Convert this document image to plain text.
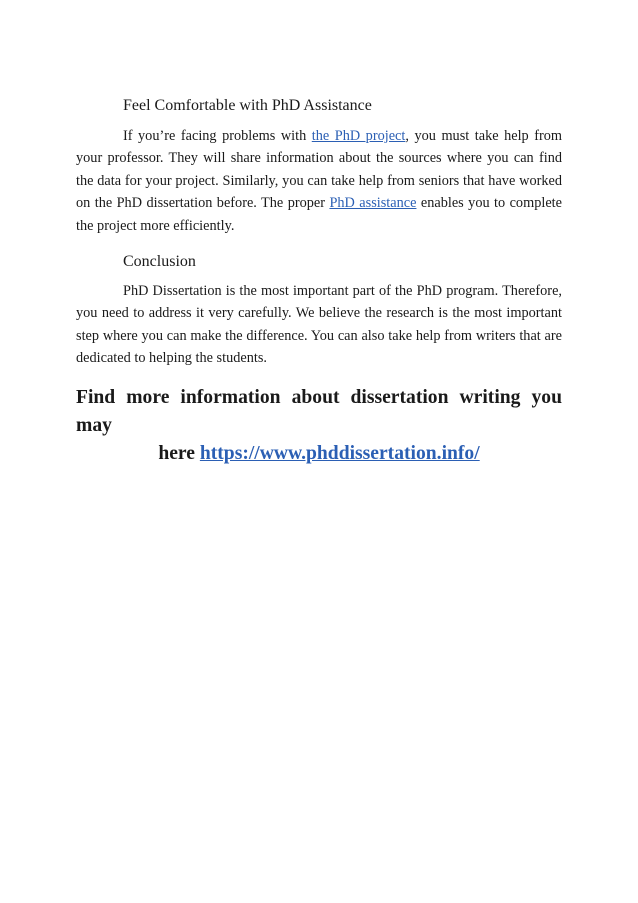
Feel Comfortable with PhD Assistance

If you’re facing problems with the PhD project, you must take help from your professor. They will share information about the sources where you can find the data for your project. Similarly, you can take help from seniors that have worked on the PhD dissertation before. The proper PhD assistance enables you to complete the project more efficiently.

Conclusion

PhD Dissertation is the most important part of the PhD program. Therefore, you need to address it very carefully. We believe the research is the most important step where you can make the difference. You can also take help from writers that are dedicated to helping the students.

Find more information about dissertation writing you may
here https://www.phddissertation.info/
